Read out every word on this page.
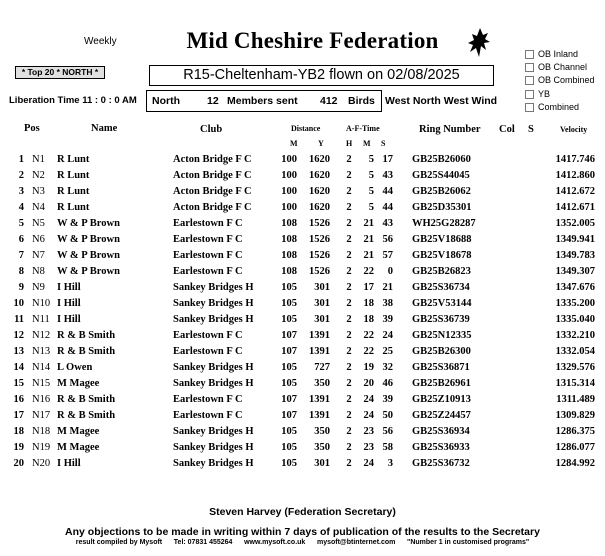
Weekly	Mid Cheshire Federation
OB Inland
OB Channel
OB Combined
YB
Combined
* Top 20 * NORTH *	R15-Cheltenham-YB2 flown on 02/08/2025
Liberation Time 11 : 0 : 0 AM North	12 Members sent 412 Birds West North West Wind
Pos	Name	Club	Distance
M	Y
A-F-Time
H M S
Ring Number Col S	Velocity
1 N1 R Lunt	Acton Bridge F C	100	1620 2	5 17 GB25B26060	1417.746
2 N2 R Lunt	Acton Bridge F C	100	1620 2	5 43 GB25S44045	1412.860
3 N3 R Lunt	Acton Bridge F C	100	1620 2	5 44 GB25B26062	1412.672
4 N4 R Lunt	Acton Bridge F C	100	1620 2	5 44 GB25D35301	1412.671
5 N5 W & P Brown	Earlestown F C	108	1526 2	21 43 WH25G28287	1352.005
6 N6 W & P Brown	Earlestown F C	108	1526 2	21 56 GB25V18688	1349.941
7 N7 W & P Brown	Earlestown F C	108	1526 2	21 57 GB25V18678	1349.783
8 N8 W & P Brown	Earlestown F C	108	1526 2	22	0 GB25B26823	1349.307
9 N9 I Hill	Sankey Bridges H	105	301 2	17 21 GB25S36734	1347.676
10 N10 I Hill	Sankey Bridges H	105	301 2	18 38 GB25V53144	1335.200
11 N11 I Hill	Sankey Bridges H	105	301 2	18 39 GB25S36739	1335.040
12 N12 R & B Smith	Earlestown F C	107	1391 2	22 24 GB25N12335	1332.210
13 N13 R & B Smith	Earlestown F C	107	1391 2	22 25 GB25B26300	1332.054
14 N14 L Owen	Sankey Bridges H	105	727 2	19 32 GB25S36871	1329.576
15 N15 M Magee	Sankey Bridges H	105	350 2	20 46 GB25B26961	1315.314
16 N16 R & B Smith	Earlestown F C	107	1391 2	24 39 GB25Z10913	1311.489
17 N17 R & B Smith	Earlestown F C	107	1391 2	24 50 GB25Z24457	1309.829
18 N18 M Magee	Sankey Bridges H	105	350 2	23 56 GB25S36934	1286.375
19 N19 M Magee	Sankey Bridges H	105	350 2	23 58 GB25S36933	1286.077
20 N20 I Hill	Sankey Bridges H	105	301 2	24	3 GB25S36732	1284.992
Steven Harvey (Federation Secretary)
Any objections to be made in writing within 7 days of publication of the results to the Secretary
result compiled by Mysoft      Tel: 07831 455264      www.mysoft.co.uk      mysoft@btinternet.com      "Number 1 in customised programs"
